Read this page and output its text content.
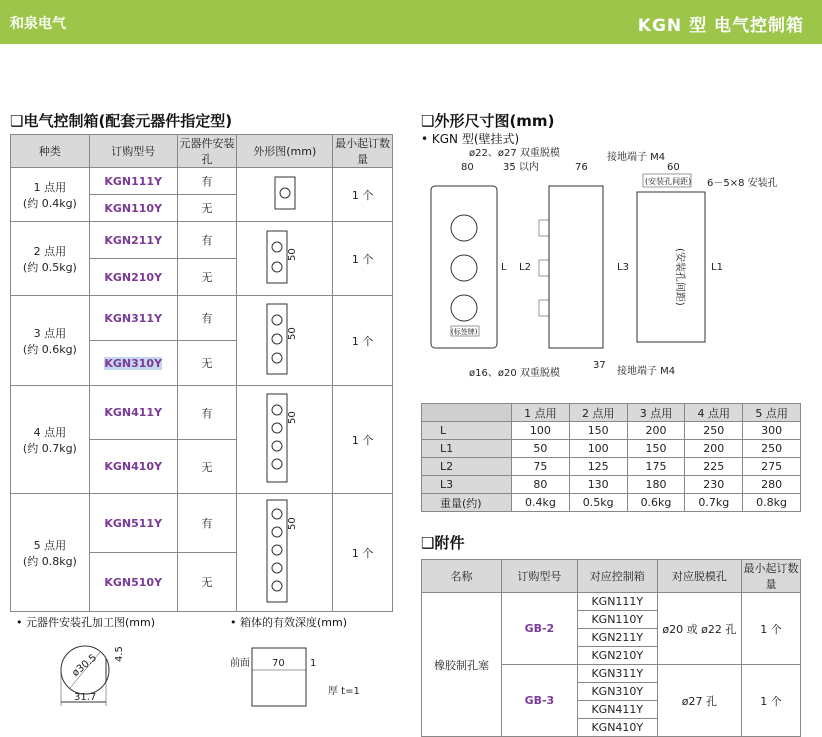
和泉电气	KGN 型 电气控制箱
❑电气控制箱(配套元器件指定型)	❑外形尺寸图(mm)
• KGN 型(壁挂式)
种类	订购型号	元器件安装孔	外形图(mm)	最小起订数量
1 点用
(约 0.4kg)	KGN111Y	有		1 个
	KGN110Y	无		
2 点用
(约 0.5kg)	KGN211Y	有	50	1 个
	KGN210Y	无		
3 点用
(约 0.6kg)	KGN311Y	有	50	1 个
	KGN310Y	无		
4 点用
(约 0.7kg)	KGN411Y	有	50	1 个
	KGN410Y	无		
5 点用
(约 0.8kg)	KGN511Y	有	50	1 个
	KGN510Y	无		
• 元器件安装孔加工图(mm)	• 箱体的有效深度(mm)
ø30.5 4.5
31.7
前面 70	1
厚 t=1
ø22、ø27 双重脱模	接地端子 M4
80	35 以内	76	60
(安装孔间距) 6－5×8 安装孔
(标签牌)
L L2	L3	L1
(安装孔间距)
ø16、ø20 双重脱模
37
接地端子 M4
	1 点用	2 点用	3 点用	4 点用	5 点用
L	100	150	200	250	300
L1	50	100	150	200	250
L2	75	125	175	225	275
L3	80	130	180	230	280
重量(约)	0.4kg	0.5kg	0.6kg	0.7kg	0.8kg
❑附件
名称	订购型号	对应控制箱	对应脱模孔	最小起订数量
橡胶制孔塞	GB-2	KGN111Y	ø20 或 ø22 孔	1 个
		KGN110Y		
		KGN211Y		
		KGN210Y		
	GB-3	KGN311Y	ø27 孔	1 个
		KGN310Y		
		KGN411Y		
		KGN410Y		
